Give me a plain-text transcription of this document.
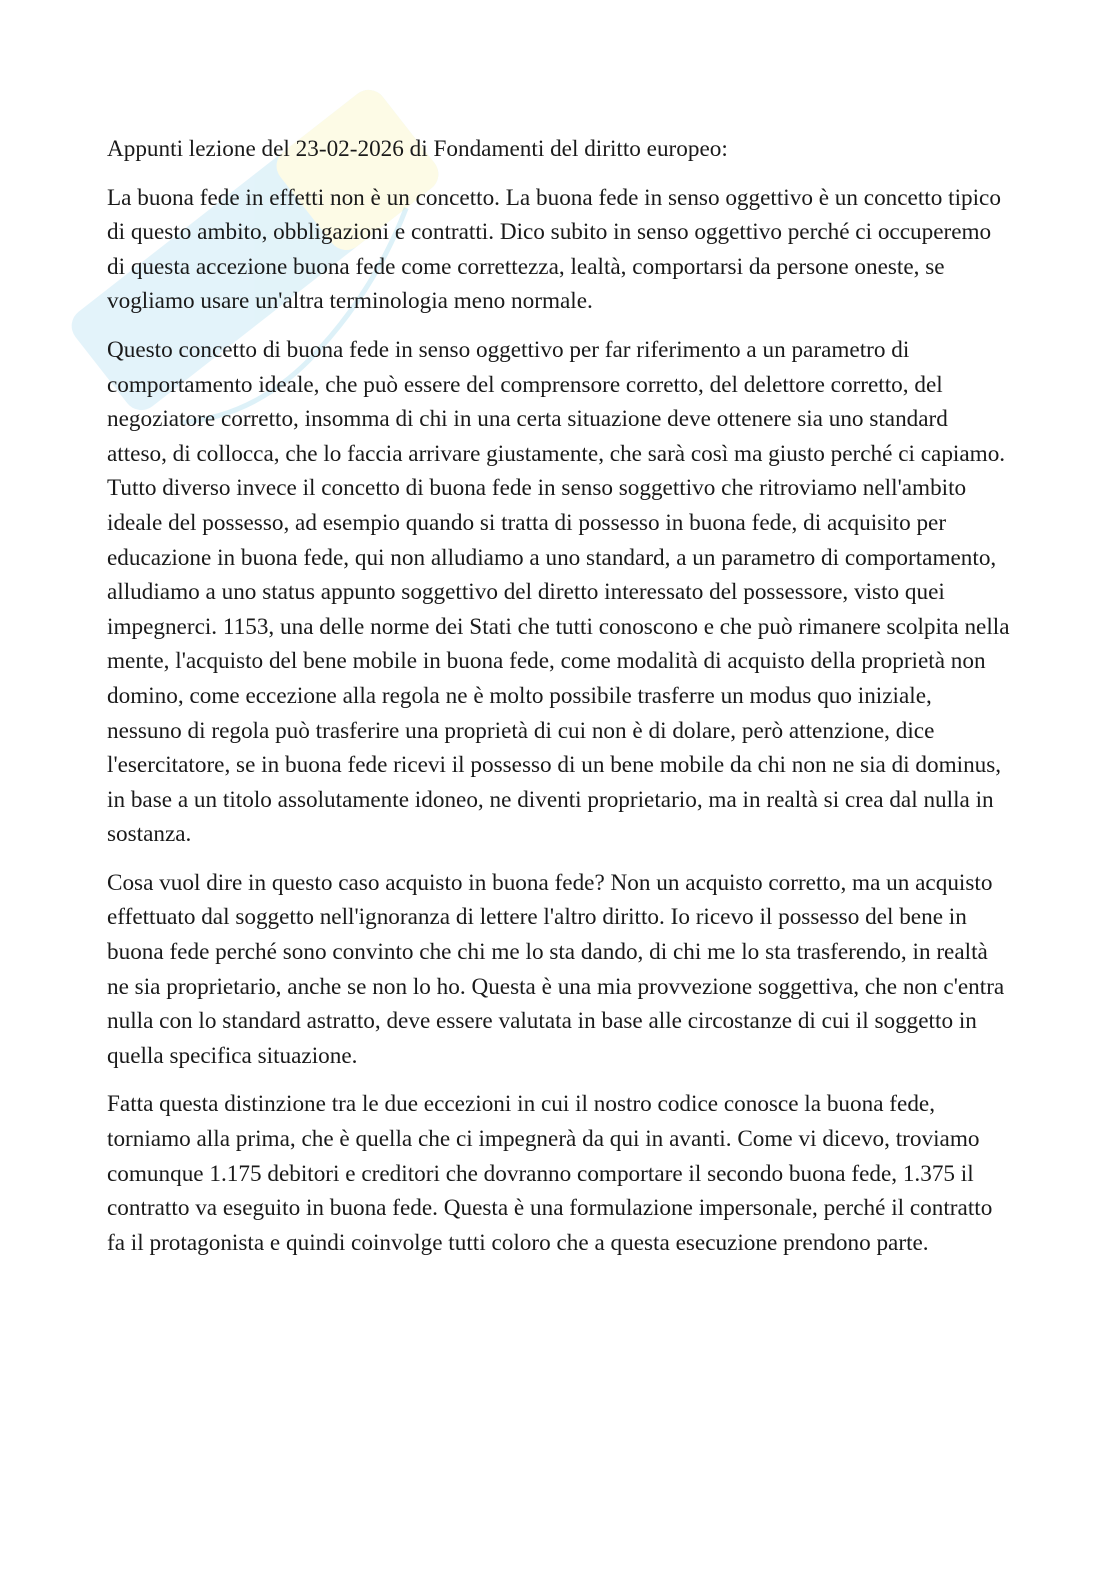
Appunti lezione del 23-02-2026 di Fondamenti del diritto europeo:

La buona fede in effetti non è un concetto. La buona fede in senso oggettivo è un concetto tipico di questo ambito, obbligazioni e contratti. Dico subito in senso oggettivo perché ci occuperemo di questa accezione buona fede come correttezza, lealtà, comportarsi da persone oneste, se vogliamo usare un'altra terminologia meno normale.

Questo concetto di buona fede in senso oggettivo per far riferimento a un parametro di comportamento ideale, che può essere del comprensore corretto, del delettore corretto, del negoziatore corretto, insomma di chi in una certa situazione deve ottenere sia uno standard atteso, di collocca, che lo faccia arrivare giustamente, che sarà così ma giusto perché ci capiamo. Tutto diverso invece il concetto di buona fede in senso soggettivo che ritroviamo nell'ambito ideale del possesso, ad esempio quando si tratta di possesso in buona fede, di acquisito per educazione in buona fede, qui non alludiamo a uno standard, a un parametro di comportamento, alludiamo a uno status appunto soggettivo del diretto interessato del possessore, visto quei impegnerci. 1153, una delle norme dei Stati che tutti conoscono e che può rimanere scolpita nella mente, l'acquisto del bene mobile in buona fede, come modalità di acquisto della proprietà non domino, come eccezione alla regola ne è molto possibile trasferre un modus quo iniziale, nessuno di regola può trasferire una proprietà di cui non è di dolare, però attenzione, dice l'esercitatore, se in buona fede ricevi il possesso di un bene mobile da chi non ne sia di dominus, in base a un titolo assolutamente idoneo, ne diventi proprietario, ma in realtà si crea dal nulla in sostanza.

Cosa vuol dire in questo caso acquisto in buona fede? Non un acquisto corretto, ma un acquisto effettuato dal soggetto nell'ignoranza di lettere l'altro diritto. Io ricevo il possesso del bene in buona fede perché sono convinto che chi me lo sta dando, di chi me lo sta trasferendo, in realtà ne sia proprietario, anche se non lo ho. Questa è una mia provvezione soggettiva, che non c'entra nulla con lo standard astratto, deve essere valutata in base alle circostanze di cui il soggetto in quella specifica situazione.

Fatta questa distinzione tra le due eccezioni in cui il nostro codice conosce la buona fede, torniamo alla prima, che è quella che ci impegnerà da qui in avanti. Come vi dicevo, troviamo comunque 1.175 debitori e creditori che dovranno comportare il secondo buona fede, 1.375 il contratto va eseguito in buona fede. Questa è una formulazione impersonale, perché il contratto fa il protagonista e quindi coinvolge tutti coloro che a questa esecuzione prendono parte.
